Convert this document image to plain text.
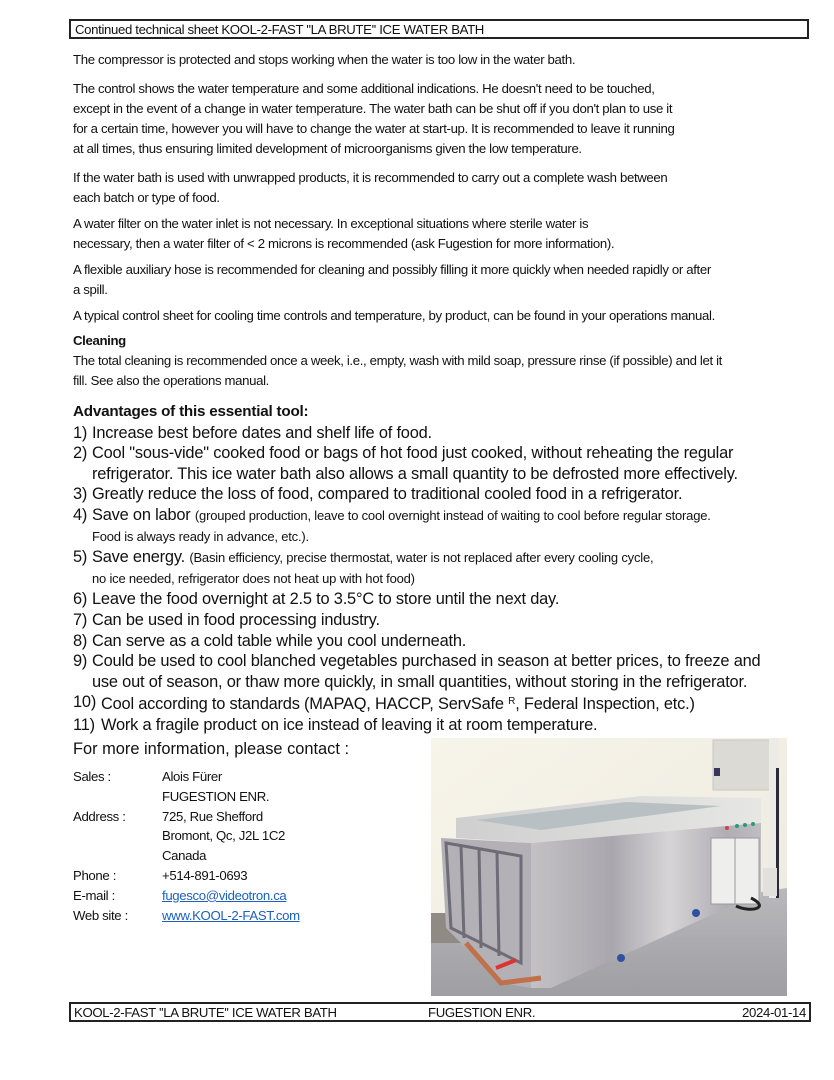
Continued technical sheet KOOL-2-FAST ''LA BRUTE'' ICE WATER BATH

The compressor is protected and stops working when the water is too low in the water bath.

The control shows the water temperature and some additional indications. He doesn't need to be touched,
except in the event of a change in water temperature. The water bath can be shut off if you don't plan to use it
for a certain time, however you will have to change the water at start-up. It is recommended to leave it running
at all times, thus ensuring limited development of microorganisms given the low temperature.
If the water bath is used with unwrapped products, it is recommended to carry out a complete wash between
each batch or type of food.
A water filter on the water inlet is not necessary. In exceptional situations where sterile water is
necessary, then a water filter of < 2 microns is recommended (ask Fugestion for more information).
A flexible auxiliary hose is recommended for cleaning and possibly filling it more quickly when needed rapidly or after
a spill.

A typical control sheet for cooling time controls and temperature, by product, can be found in your operations manual.

Cleaning
The total cleaning is recommended once a week, i.e., empty, wash with mild soap, pressure rinse (if possible) and let it
fill. See also the operations manual.
Advantages of this essential tool:
1) Increase best before dates and shelf life of food.
2) Cool "sous-vide" cooked food or bags of hot food just cooked, without reheating the regular
refrigerator. This ice water bath also allows a small quantity to be defrosted more effectively.
3) Greatly reduce the loss of food, compared to traditional cooled food in a refrigerator.
4) Save on labor (grouped production, leave to cool overnight instead of waiting to cool before regular storage.
Food is always ready in advance, etc.).
5) Save energy. (Basin efficiency, precise thermostat, water is not replaced after every cooling cycle,
no ice needed, refrigerator does not heat up with hot food)
6) Leave the food overnight at 2.5 to 3.5°C to store until the next day.
7) Can be used in food processing industry.
8) Can serve as a cold table while you cool underneath.
9) Could be used to cool blanched vegetables purchased in season at better prices, to freeze and
use out of season, or thaw more quickly, in small quantities, without storing in the refrigerator.
10) Cool according to standards (MAPAQ, HACCP, ServSafe $^R$, Federal Inspection, etc.)
11) Work a fragile product on ice instead of leaving it at room temperature.
For more information, please contact :
Sales :	Alois Fürer
FUGESTION ENR.
Address :	725, Rue Shefford
Bromont, Qc, J2L 1C2
Canada
Phone :	+514-891-0693
E-mail :	fugesco@videotron.ca
Web site :	www.KOOL-2-FAST.com
KOOL-2-FAST ''LA BRUTE'' ICE WATER BATH	FUGESTION ENR.	2024-01-14
